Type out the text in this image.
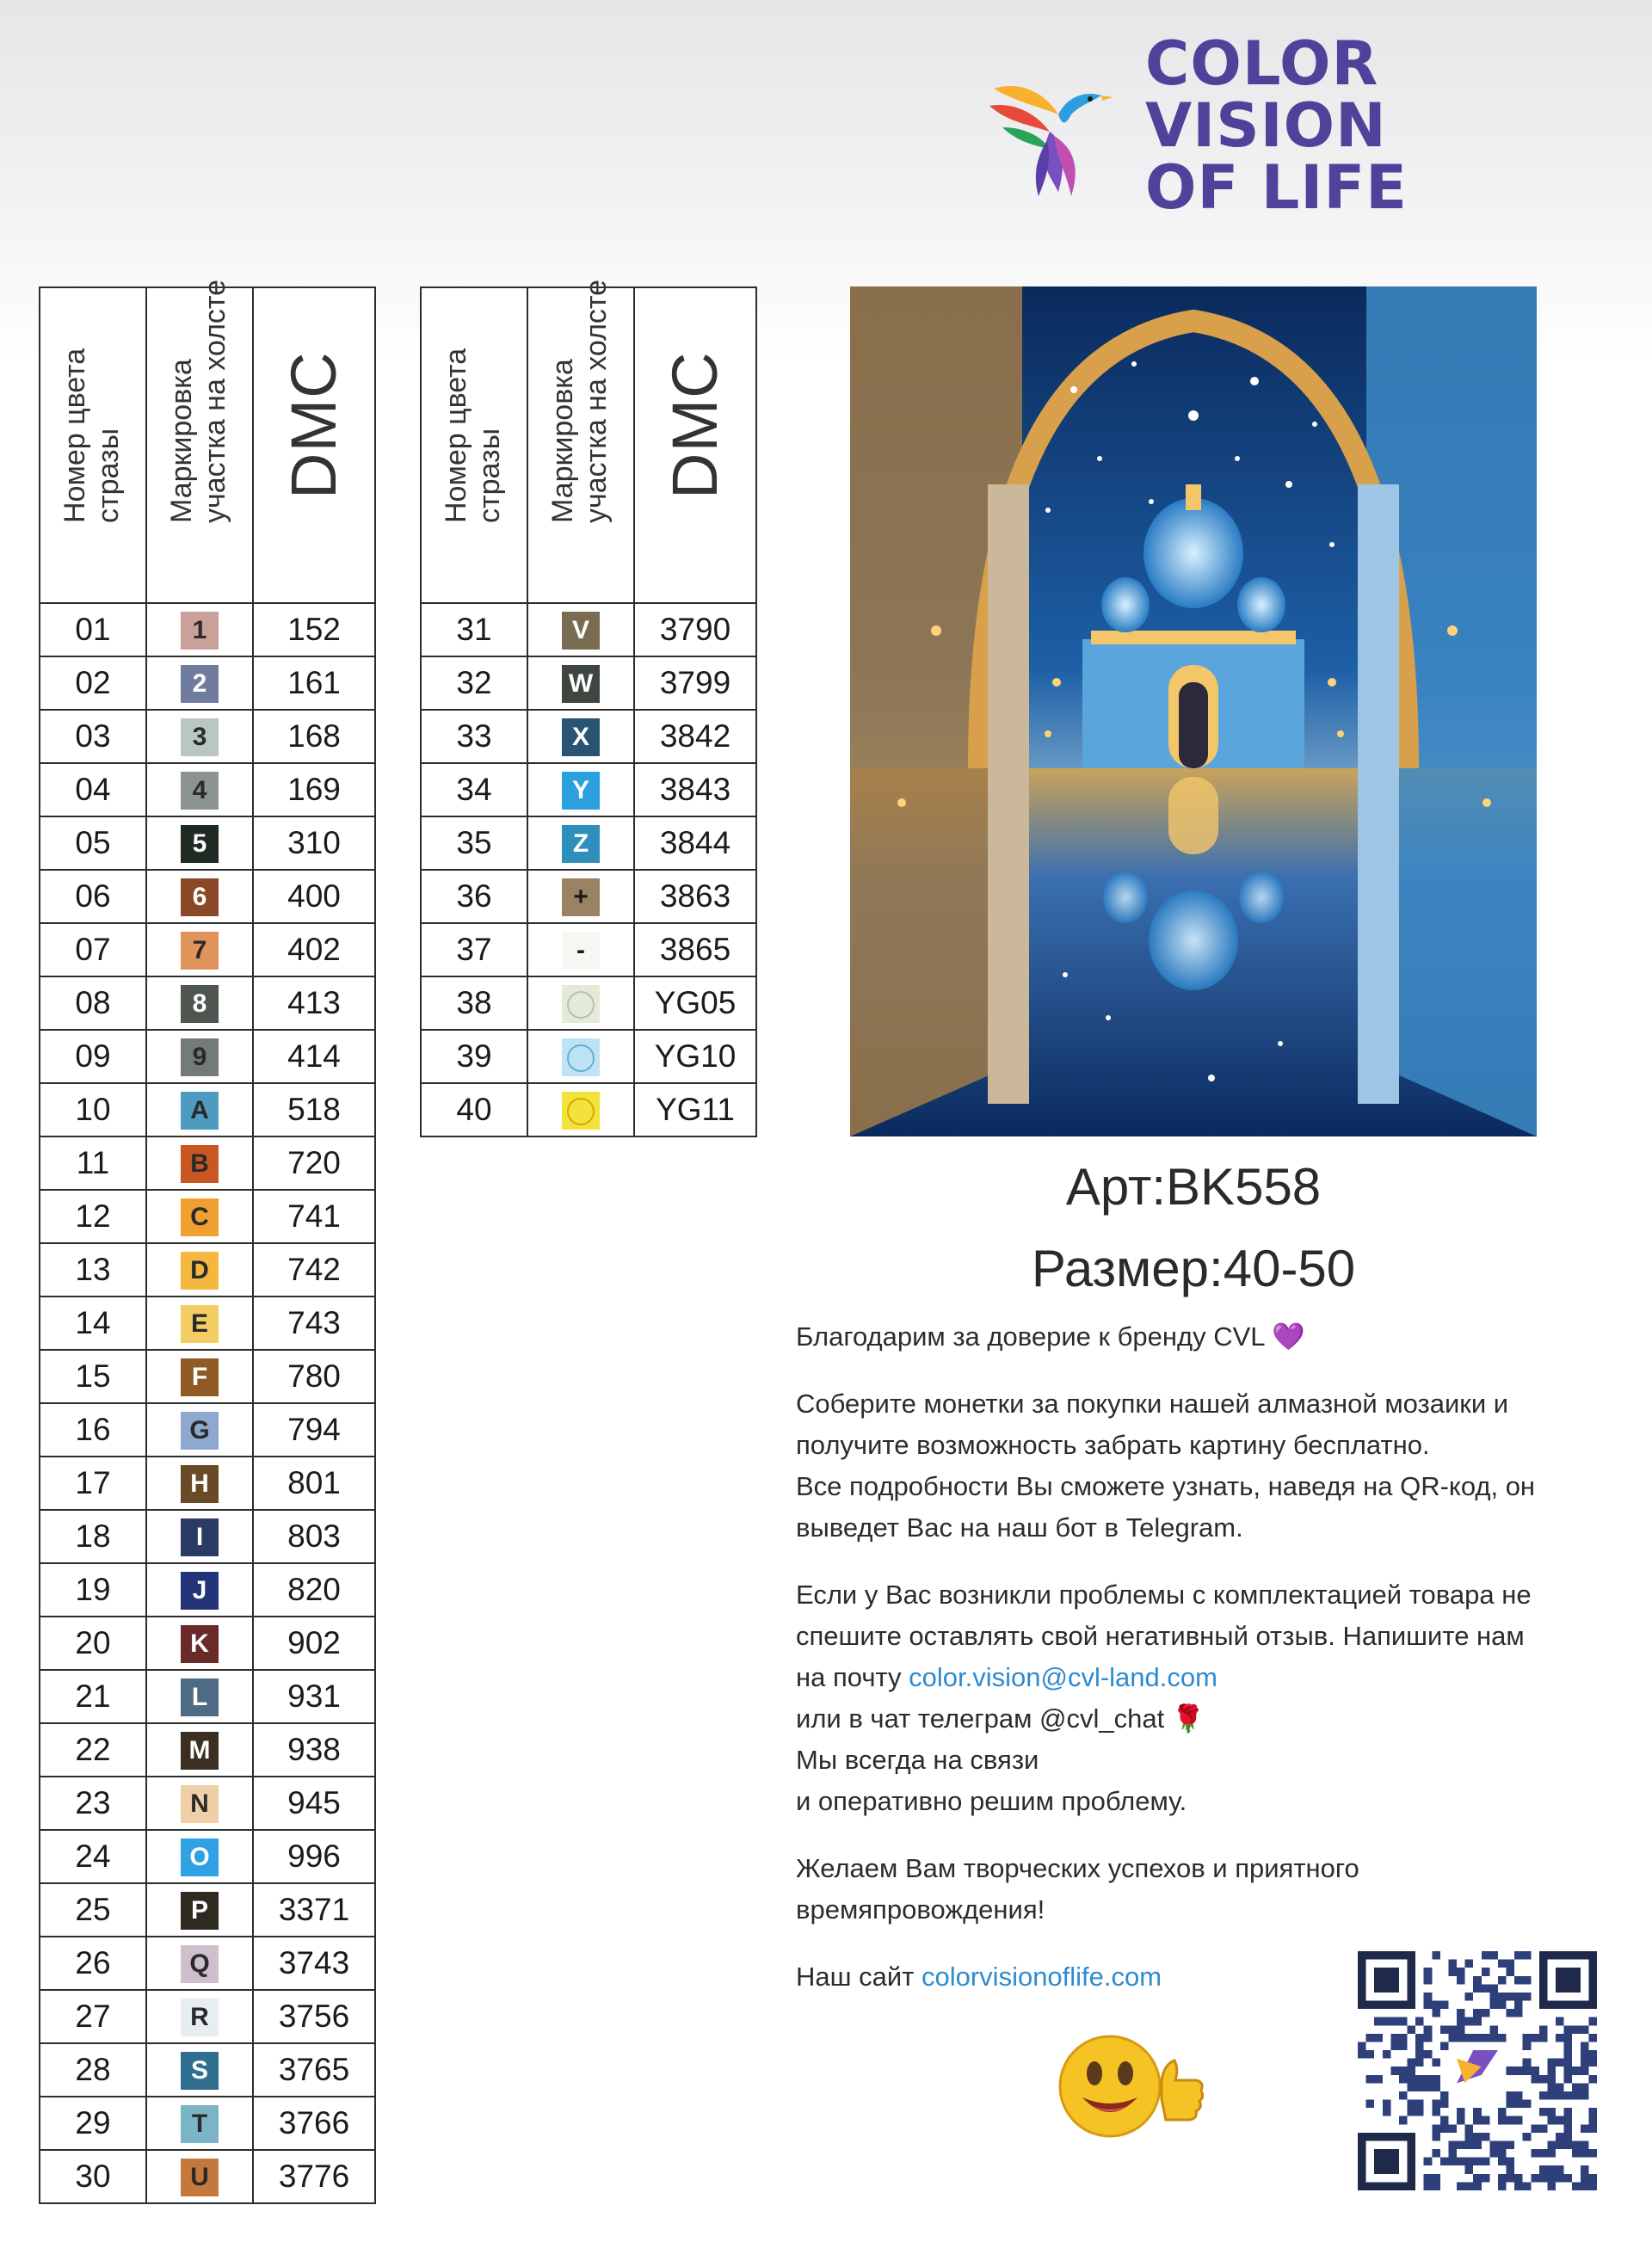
COLOR
VISION
OF LIFE
Номер цвета
стразы	Маркировка
участка на холсте	DMC

01	1	152
02	2	161
03	3	168
04	4	169
05	5	310
06	6	400
07	7	402
08	8	413
09	9	414
10	A	518
11	B	720
12	C	741
13	D	742
14	E	743
15	F	780
16	G	794
17	H	801
18	I	803
19	J	820
20	K	902
21	L	931
22	M	938
23	N	945
24	O	996
25	P	3371
26	Q	3743
27	R	3756
28	S	3765
29	T	3766
30	U	3776
Номер цвета
стразы	Маркировка
участка на холсте	DMC

31	V	3790
32	W	3799
33	X	3842
34	Y	3843
35	Z	3844
36	+	3863
37	-	3865
38		YG05
39		YG10
40		YG11
Арт:BK558
Размер:40-50

Благодарим за доверие к бренду CVL 💜

Соберите монетки за покупки нашей алмазной мозаики и
получите возможность забрать картину бесплатно.
Все подробности Вы сможете узнать, наведя на QR-код, он
выведет Вас на наш бот в Telegram.

Если у Вас возникли проблемы с комплектацией товара не
спешите оставлять свой негативный отзыв. Напишите нам
на почту color.vision@cvl-land.com
или в чат телеграм @cvl_chat 🌹
Мы всегда на связи
и оперативно решим проблему.

Желаем Вам творческих успехов и приятного
времяпровождения!

Наш сайт colorvisionoflife.com
